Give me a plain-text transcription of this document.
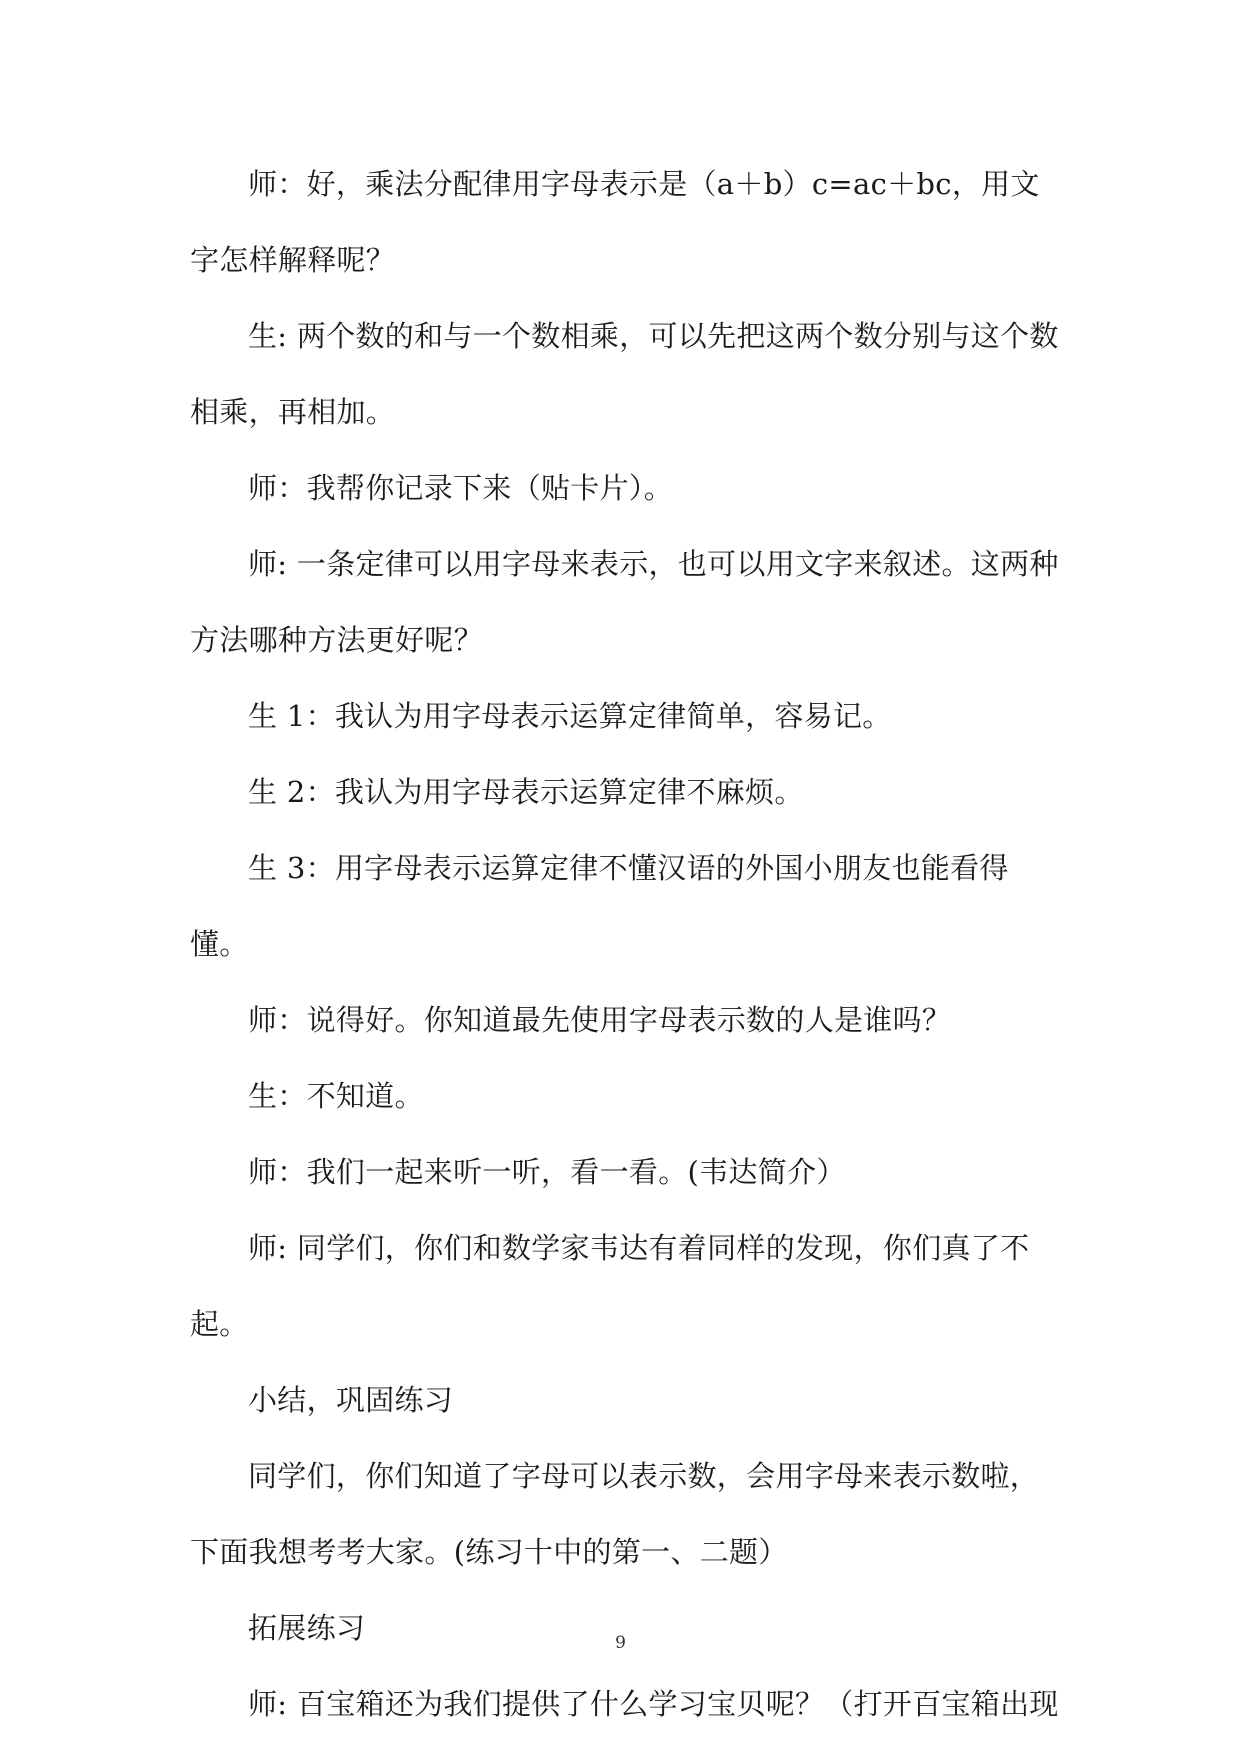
师：好，乘法分配律用字母表示是（a＋b）c=ac＋bc，用文字怎样解释呢？

生: 两个数的和与一个数相乘，可以先把这两个数分别与这个数相乘，再相加。

师：我帮你记录下来（贴卡片）。

师: 一条定律可以用字母来表示，也可以用文字来叙述。这两种方法哪种方法更好呢？

生 1：我认为用字母表示运算定律简单，容易记。

生 2：我认为用字母表示运算定律不麻烦。

生 3：用字母表示运算定律不懂汉语的外国小朋友也能看得懂。

师：说得好。你知道最先使用字母表示数的人是谁吗？

生：不知道。

师：我们一起来听一听，看一看。(韦达简介）

师: 同学们，你们和数学家韦达有着同样的发现，你们真了不起。

小结，巩固练习

同学们，你们知道了字母可以表示数，会用字母来表示数啦，下面我想考考大家。(练习十中的第一、二题）

拓展练习

师: 百宝箱还为我们提供了什么学习宝贝呢？（打开百宝箱出现

9
